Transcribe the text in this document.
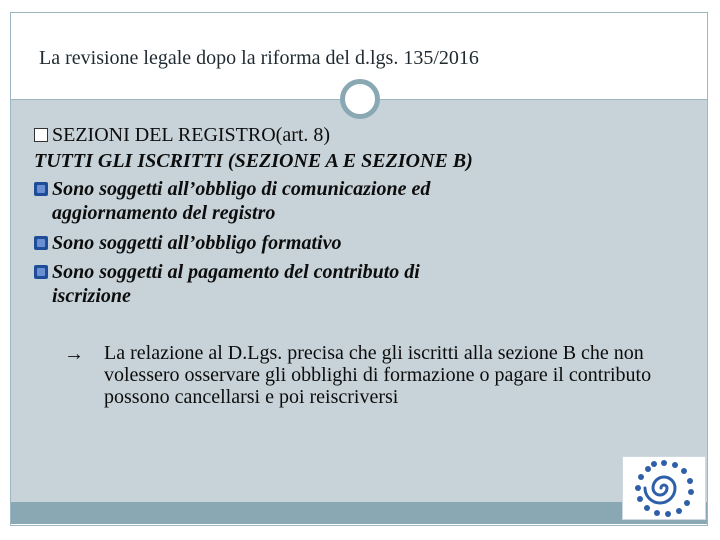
La revisione legale dopo la riforma del d.lgs. 135/2016
SEZIONI DEL REGISTRO(art. 8)
TUTTI GLI ISCRITTI (SEZIONE A E SEZIONE B)
Sono soggetti all’obbligo di comunicazione ed
aggiornamento del registro
Sono soggetti all’obbligo formativo
Sono soggetti al pagamento del contributo di
iscrizione
→ La relazione al D.Lgs. precisa che gli iscritti alla sezione B che non volessero osservare gli obblighi di formazione o pagare il contributo possono cancellarsi e poi reiscriversi
